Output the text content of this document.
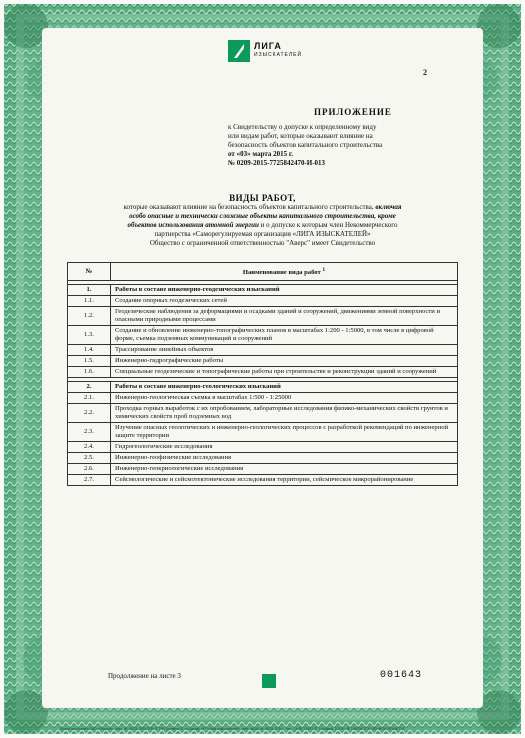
ЛИГА
ИЗЫСКАТЕЛЕЙ
2
ПРИЛОЖЕНИЕ
к Свидетельству о допуске к определенному виду
или видам работ, которые оказывают влияние на
безопасность объектов капитального строительства
от «03» марта 2015 г.
№ 0209-2015-7725842470-И-013
ВИДЫ РАБОТ,
которые оказывают влияние на безопасность объектов капитального строительства, включая
особо опасные и технически сложные объекты капитального строительства, кроме
объектов использования атомной энергии и о допуске к которым член Некоммерческого
партнерства «Саморегулируемая организация «ЛИГА ИЗЫСКАТЕЛЕЙ»
Общество с ограниченной ответственностью "Аверс" имеет Свидетельство
№	Наименование вида работ $^1$

1.	Работы в составе инженерно-геодезических изысканий
1.1.	Создание опорных геодезических сетей
1.2.	Геодезические наблюдения за деформациями и осадками зданий и сооружений, движениями земной поверхности и опасными природными процессами
1.3.	Создание и обновление инженерно-топографических планов в масштабах 1:200 - 1:5000, в том числе в цифровой форме, съемка подземных коммуникаций и сооружений
1.4.	Трассирование линейных объектов
1.5.	Инженерно-гидрографические работы
1.6.	Специальные геодезические и топографические работы при строительстве и реконструкции зданий и сооружений

2.	Работы в составе инженерно-геологических изысканий
2.1.	Инженерно-геологическая съемка в масштабах 1:500 - 1:25000
2.2.	Проходка горных выработок с их опробованием, лабораторные исследования физико-механических свойств грунтов и химических свойств проб подземных вод
2.3.	Изучение опасных геологических и инженерно-геологических процессов с разработкой рекомендаций по инженерной защите территории
2.4.	Гидрогеологические исследования
2.5.	Инженерно-геофизические исследования
2.6.	Инженерно-геокриологические исследования
2.7.	Сейсмологические и сейсмотектонические исследования территории, сейсмическое микрорайонирование
Продолжение на листе 3	001643
Бланк изготовлен ЗАО «Опцион» (лиц. № 05-05-09/003 ФНС РФ) уровень В, по заказу НП «Лига изыскателей», учет №048 от 08.04.2010г., тел.: (495) 7264742, г.Москва, 2010г. НЕ ЯВЛЯЕТСЯ ЦЕННОЙ БУМАГОЙ
